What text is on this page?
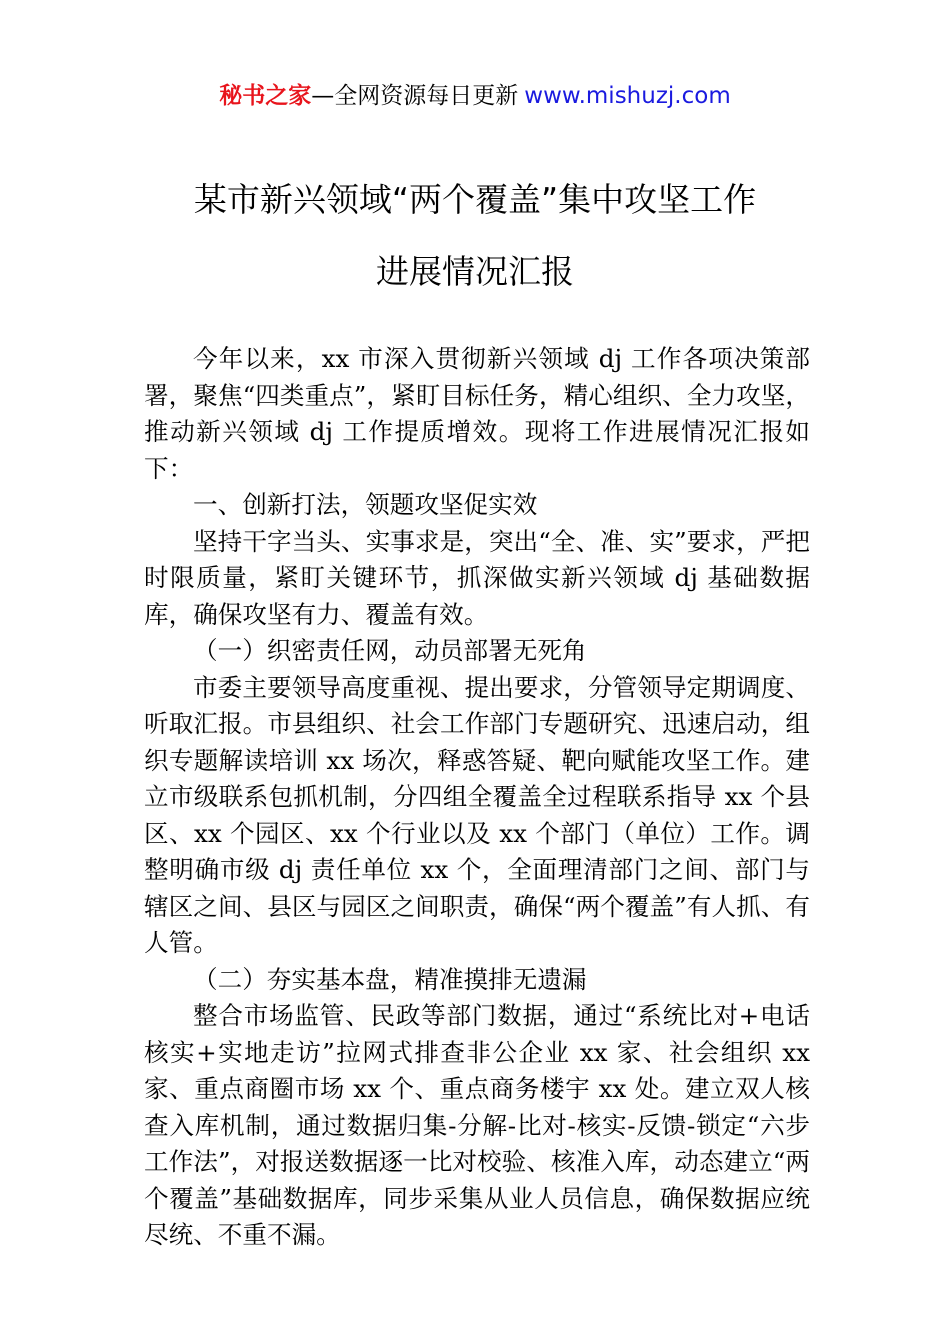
秘书之家—全网资源每日更新 www.mishuzj.com
某市新兴领域“两个覆盖”集中攻坚工作
进展情况汇报

今年以来，xx 市深入贯彻新兴领域 dj 工作各项决策部署，聚焦“四类重点”，紧盯目标任务，精心组织、全力攻坚，推动新兴领域 dj 工作提质增效。现将工作进展情况汇报如下：

一、创新打法，领题攻坚促实效

坚持干字当头、实事求是，突出“全、准、实”要求，严把时限质量，紧盯关键环节，抓深做实新兴领域 dj 基础数据库，确保攻坚有力、覆盖有效。

（一）织密责任网，动员部署无死角

市委主要领导高度重视、提出要求，分管领导定期调度、听取汇报。市县组织、社会工作部门专题研究、迅速启动，组织专题解读培训 xx 场次，释惑答疑、靶向赋能攻坚工作。建立市级联系包抓机制，分四组全覆盖全过程联系指导 xx 个县区、xx 个园区、xx 个行业以及 xx 个部门（单位）工作。调整明确市级 dj 责任单位 xx 个，全面理清部门之间、部门与辖区之间、县区与园区之间职责，确保“两个覆盖”有人抓、有人管。

（二）夯实基本盘，精准摸排无遗漏

整合市场监管、民政等部门数据，通过“系统比对+电话核实+实地走访”拉网式排查非公企业 xx 家、社会组织 xx 家、重点商圈市场 xx 个、重点商务楼宇 xx 处。建立双人核查入库机制，通过数据归集-分解-比对-核实-反馈-锁定“六步工作法”，对报送数据逐一比对校验、核准入库，动态建立“两个覆盖”基础数据库，同步采集从业人员信息，确保数据应统尽统、不重不漏。
